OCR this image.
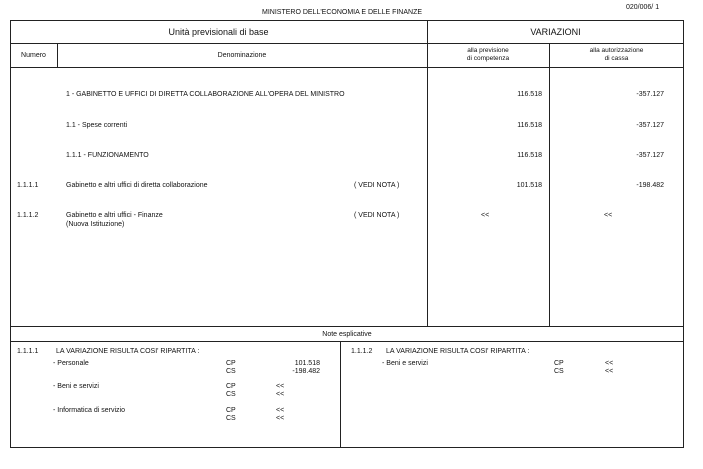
MINISTERO DELL'ECONOMIA E DELLE FINANZE
020/006/ 1
Unità previsionali di base	VARIAZIONI
Numero	Denominazione
alla previsione
di competenza
alla autorizzazione
di cassa
1 - GABINETTO E UFFICI DI DIRETTA COLLABORAZIONE ALL'OPERA DEL MINISTRO	116.518	-357.127
1.1 - Spese correnti	116.518	-357.127
1.1.1 - FUNZIONAMENTO	116.518	-357.127
1.1.1.1	Gabinetto e altri uffici di diretta collaborazione	( VEDI NOTA )	101.518	-198.482
1.1.1.2	Gabinetto e altri uffici - Finanze
(Nuova Istituzione)
( VEDI NOTA )	<<	<<
Note esplicative
1.1.1.1	LA VARIAZIONE RISULTA COSI' RIPARTITA :
- Personale	CP	101.518
CS	-198.482
- Beni e servizi	CP	<<
CS	<<
- Informatica di servizio	CP	<<
CS	<<
1.1.1.2 LA VARIAZIONE RISULTA COSI' RIPARTITA :
- Beni e servizi	CP	<<
CS	<<
